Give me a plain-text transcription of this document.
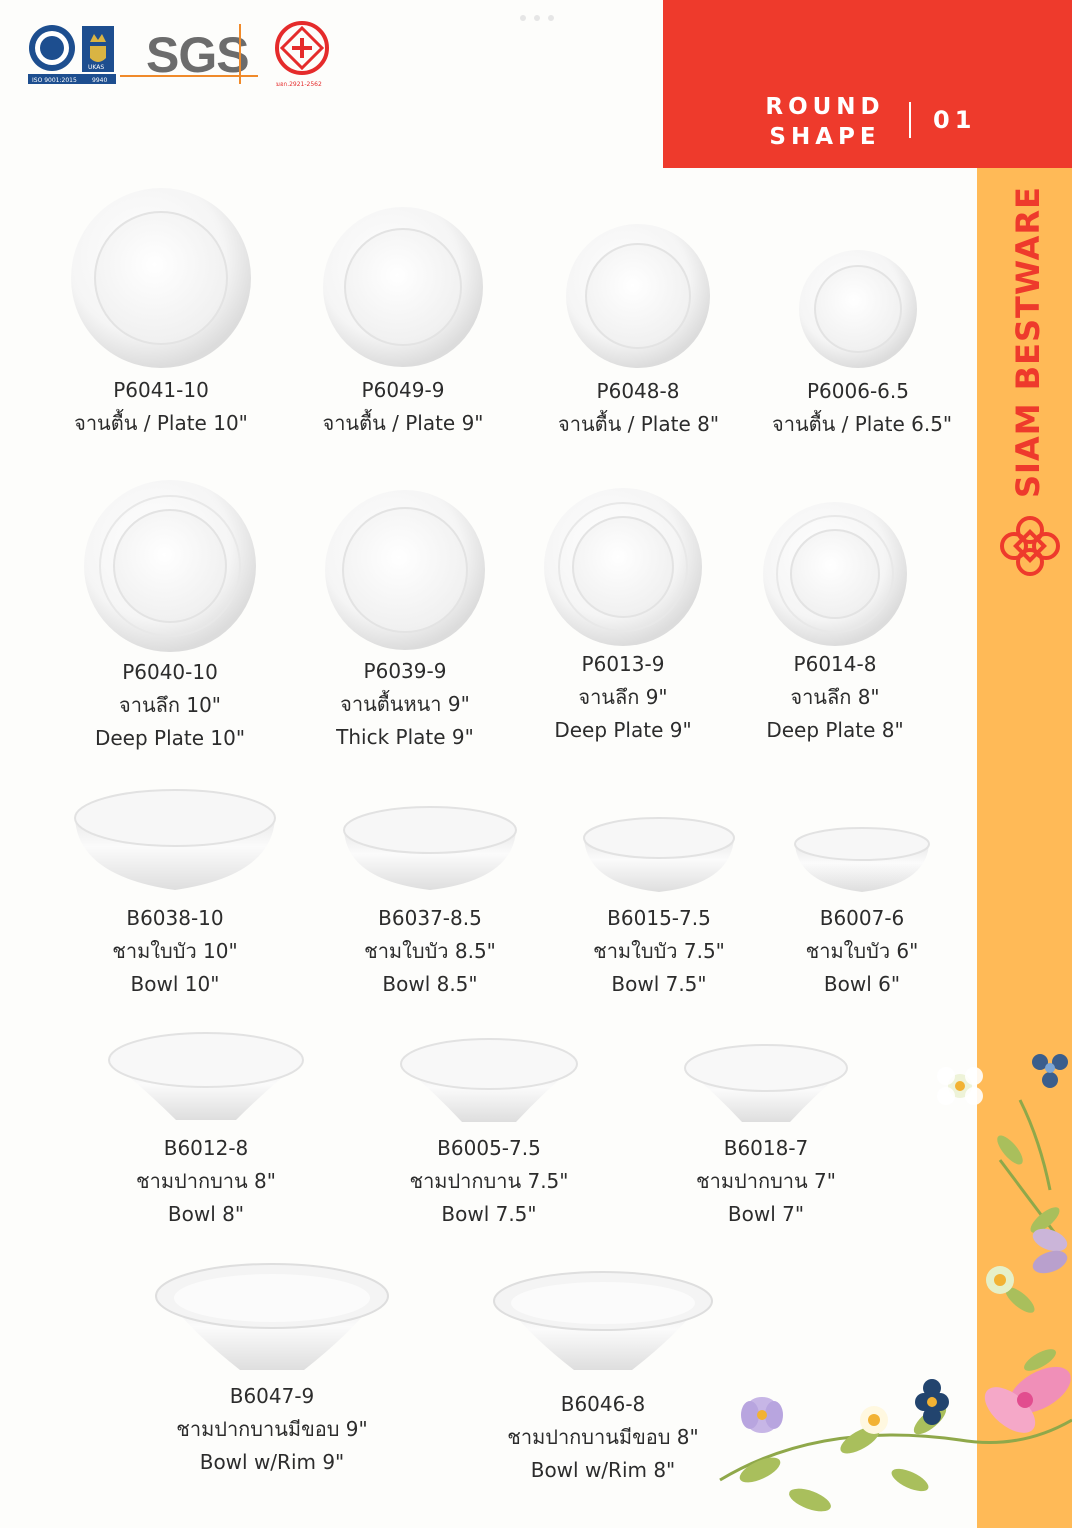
ROUND
SHAPE
01
SIAM BESTWARE
ISO 9001:2015	9940
UKAS SGS
มอก.2921-2562
P6041-10
จานตื้น / Plate 10"
P6049-9
จานตื้น / Plate 9"
P6048-8
จานตื้น / Plate 8"
P6006-6.5
จานตื้น / Plate 6.5"
P6040-10
จานลึก 10"
Deep Plate 10"
P6039-9
จานตื้นหนา 9"
Thick Plate 9"
P6013-9
จานลึก 9"
Deep Plate 9"
P6014-8
จานลึก 8"
Deep Plate 8"
B6038-10
ชามใบบัว 10"
Bowl 10"
B6037-8.5
ชามใบบัว 8.5"
Bowl 8.5"
B6015-7.5
ชามใบบัว 7.5"
Bowl 7.5"
B6007-6
ชามใบบัว 6"
Bowl 6"
B6012-8
ชามปากบาน 8"
Bowl 8"
B6005-7.5
ชามปากบาน 7.5"
Bowl 7.5"
B6018-7
ชามปากบาน 7"
Bowl 7"
B6047-9
ชามปากบานมีขอบ 9"
Bowl w/Rim 9"
B6046-8
ชามปากบานมีขอบ 8"
Bowl w/Rim 8"
